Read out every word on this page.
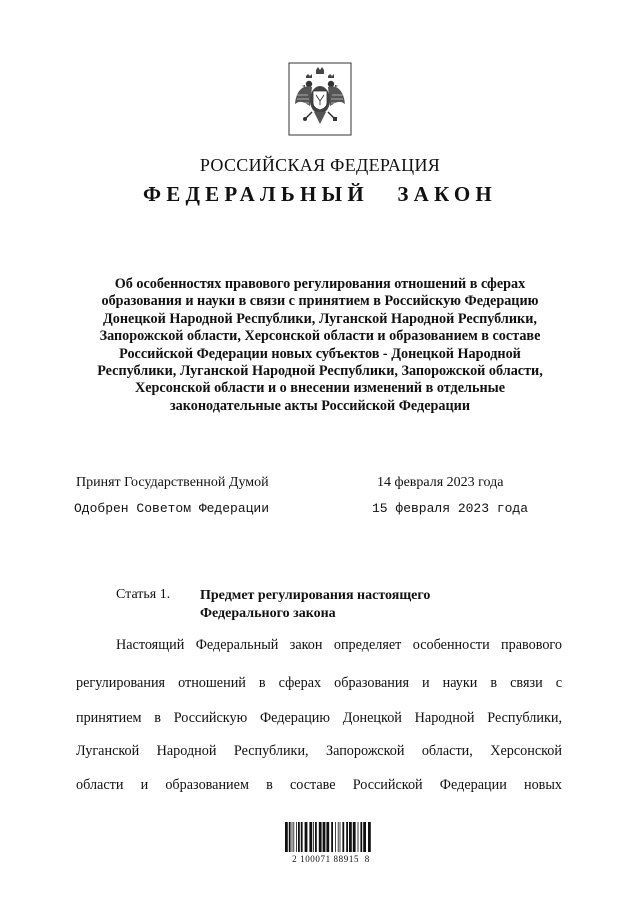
РОССИЙСКАЯ ФЕДЕРАЦИЯ
ФЕДЕРАЛЬНЫЙ ЗАКОН
Об особенностях правового регулирования отношений в сферах
образования и науки в связи с принятием в Российскую Федерацию
Донецкой Народной Республики, Луганской Народной Республики,
Запорожской области, Херсонской области и образованием в составе
Российской Федерации новых субъектов - Донецкой Народной
Республики, Луганской Народной Республики, Запорожской области,
Херсонской области и о внесении изменений в отдельные
законодательные акты Российской Федерации
Принят Государственной Думой	14 февраля 2023 года
Одобрен Советом Федерации	15 февраля 2023 года
Статья 1. Предмет регулирования настоящего
Федерального закона
Настоящий Федеральный закон определяет особенности правового
регулирования отношений в сферах образования и науки в связи с
принятием в Российскую Федерацию Донецкой Народной Республики,
Луганской Народной Республики, Запорожской области, Херсонской
области и образованием в составе Российской Федерации новых
2 100071 88915  8
